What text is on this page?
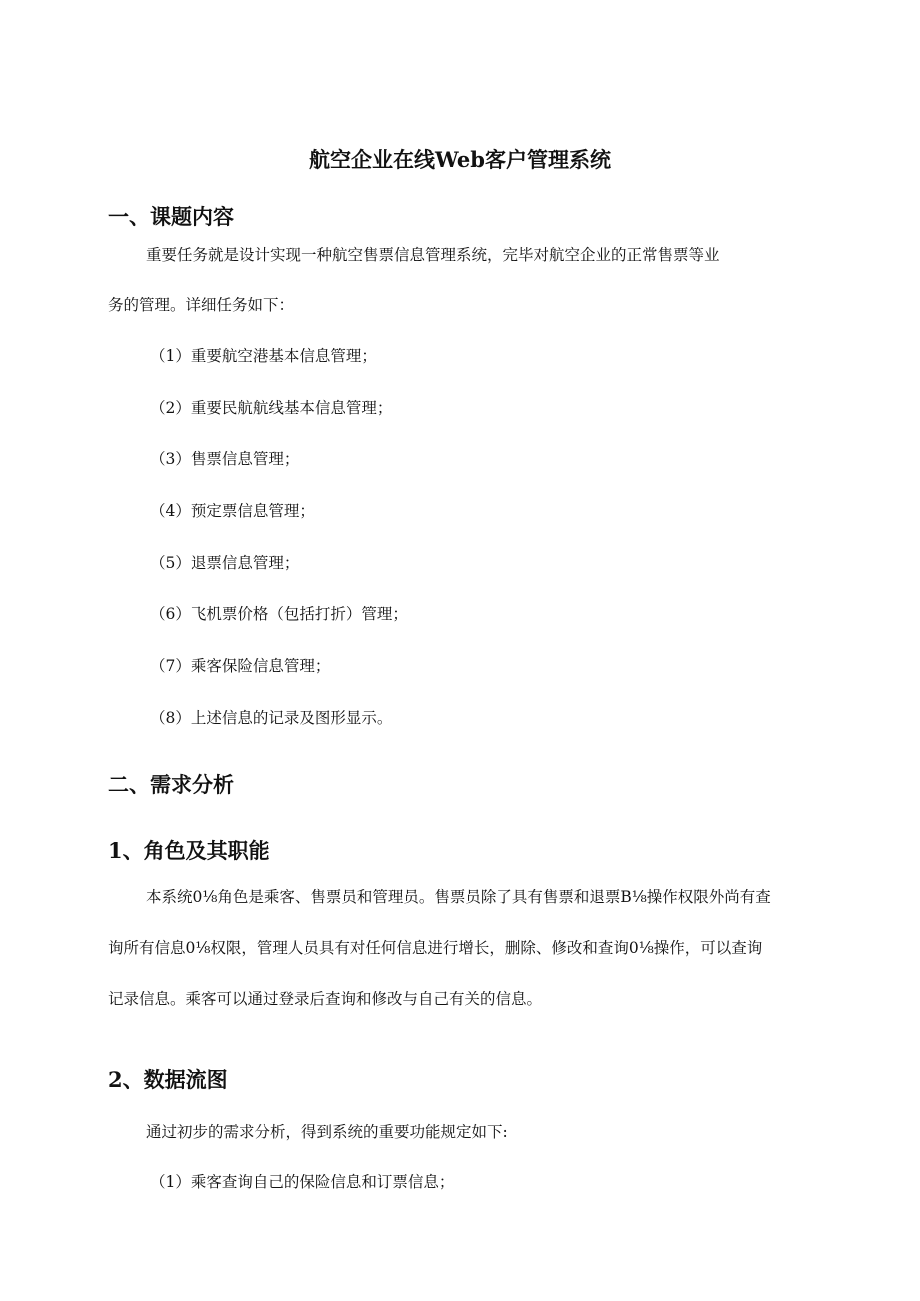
航空企业在线Web客户管理系统
一、课题内容

重要任务就是设计实现一种航空售票信息管理系统，完毕对航空企业的正常售票等业

务的管理。详细任务如下：

（1）重要航空港基本信息管理；

（2）重要民航航线基本信息管理；

（3）售票信息管理；

（4）预定票信息管理；

（5）退票信息管理；

（6）飞机票价格（包括打折）管理；

（7）乘客保险信息管理；

（8）上述信息的记录及图形显示。

二、需求分析
1、角色及其职能

本系统0⅛角色是乘客、售票员和管理员。售票员除了具有售票和退票B⅛操作权限外尚有查

询所有信息0⅛权限，管理人员具有对任何信息进行增长，删除、修改和查询0⅛操作，可以查询

记录信息。乘客可以通过登录后查询和修改与自己有关的信息。

2、数据流图

通过初步的需求分析，得到系统的重要功能规定如下:

（1）乘客查询自己的保险信息和订票信息；
